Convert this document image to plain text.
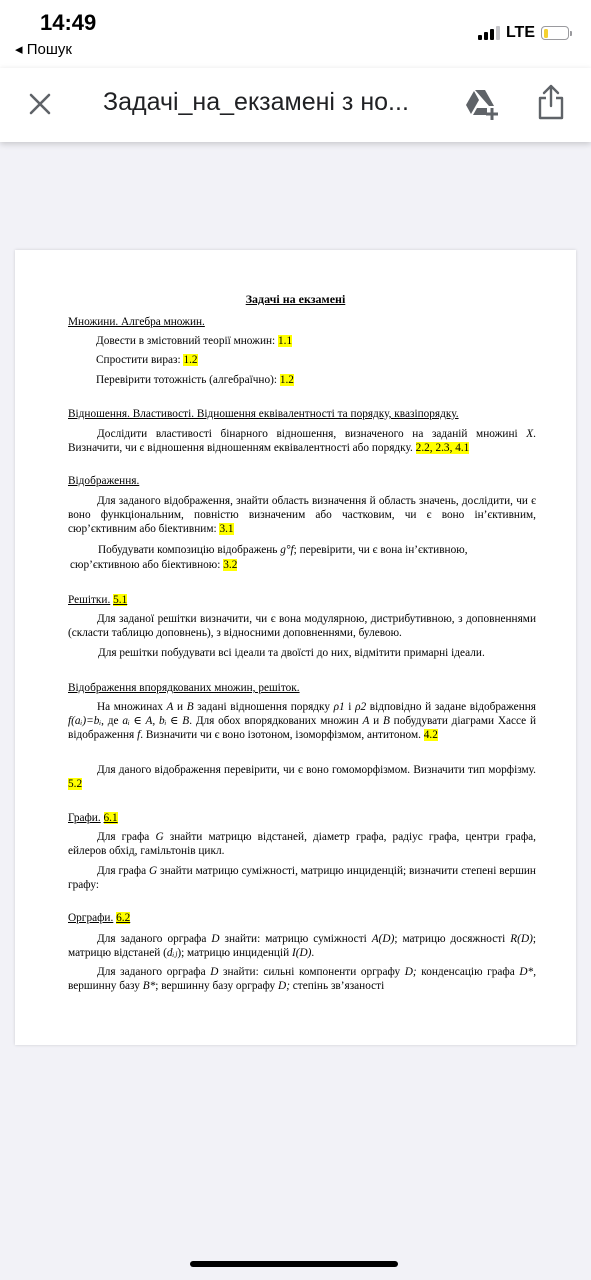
14:49
◂ Пошук
LTE
Задачі_на_екзамені з но...
Задачі на екзамені
Множини. Алгебра множин.
Довести в змістовний теорії множин: 1.1
Спростити вираз: 1.2
Перевірити тотожність (алгебраїчно): 1.2
Відношення. Властивості. Відношення еквівалентності та порядку, квазіпорядку.
Дослідити властивості бінарного відношення, визначеного на заданій множині X. Визначити, чи є відношення відношенням еквівалентності або порядку. 2.2, 2.3, 4.1
Відображення.
Для заданого відображення, знайти область визначення й область значень, дослідити, чи є воно функціональним, повністю визначеним або частковим, чи є воно ін’єктивним, сюр’єктивним або біективним: 3.1
Побудувати композицію відображень g°f; перевірити, чи є вона ін’єктивною,
сюр’єктивною або біективною: 3.2
Решітки. 5.1
Для заданої решітки визначити, чи є вона модулярною, дистрибутивною, з доповненнями (скласти таблицю доповнень), з відносними доповненнями, булевою.
Для решітки побудувати всі ідеали та двоїсті до них, відмітити примарні ідеали.
Відображення впорядкованих множин, решіток.
На множинах A и B задані відношення порядку ρ1 і ρ2 відповідно й задане відображення f(aᵢ)=bᵢ, де aᵢ ∈ A, bᵢ ∈ B. Для обох впорядкованих множин A и B побудувати діаграми Хассе й відображення f. Визначити чи є воно ізотоном, ізоморфізмом, антитоном. 4.2
Для даного відображення перевірити, чи є воно гомоморфізмом. Визначити тип морфізму. 5.2
Графи. 6.1
Для графа G знайти матрицю відстаней, діаметр графа, радіус графа, центри графа, ейлеров обхід, гамільтонів цикл.
Для графа G знайти матрицю суміжності, матрицю инциденцій; визначити степені вершин графу:
Орграфи. 6.2
Для заданого орграфа D знайти: матрицю суміжності A(D); матрицю досяжності R(D); матрицю відстаней (dᵢⱼ); матрицю инциденцій I(D).
Для заданого орграфа D знайти: сильні компоненти орграфу D; конденсацію графа D*, вершинну базу B*; вершинну базу орграфу D; степінь зв’язаності
